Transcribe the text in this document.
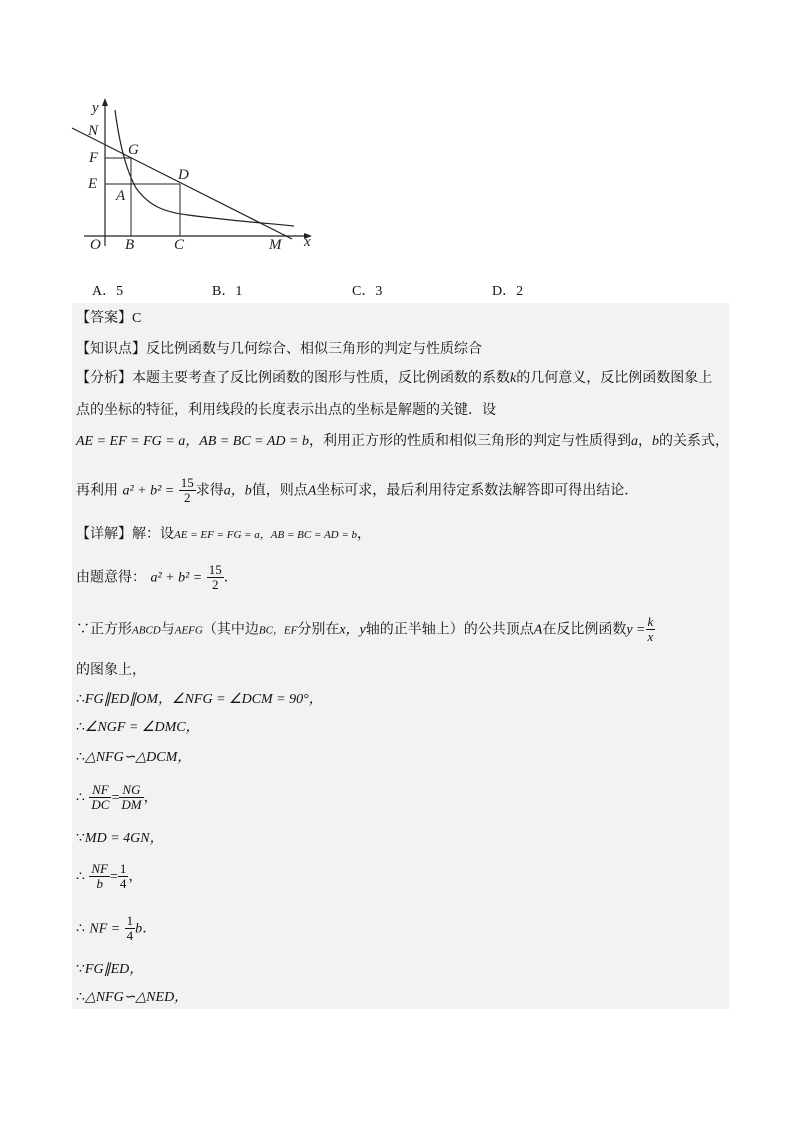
y
N
F G
E
D
A
O B	C	M x
A．5	B．1	C．3	D．2
【答案】C
【知识点】反比例函数与几何综合、相似三角形的判定与性质综合
【分析】本题主要考查了反比例函数的图形与性质，反比例函数的系数k的几何意义，反比例函数图象上
点的坐标的特征，利用线段的长度表示出点的坐标是解题的关键．设
AE = EF = FG = a，AB = BC = AD = b，利用正方形的性质和相似三角形的判定与性质得到a，b的关系式，
再利用 $a^2 + b^2 = \frac{15}{2}$ 求得a，b值，则点A坐标可求，最后利用待定系数法解答即可得出结论．
【详解】解：设AE = EF = FG = a，AB = BC = AD = b，
由题意得： $a^2 + b^2 = \frac{15}{2}$ ．
∵正方形ABCD与AEFG（其中边BC，EF分别在x，y轴的正半轴上）的公共顶点A在反比例函数$y = \frac{k}{x}$
的图象上，
∴FG∥ED∥OM，∠NFG = ∠DCM = 90°，
∴∠NGF = ∠DMC，
∴△NFG∽△DCM，
∴ $\frac{NF}{DC} = \frac{NG}{DM}$ ，
∵MD = 4GN，
∴ $\frac{NF}{b} = \frac{1}{4}$ ，
∴ NF = $\frac{1}{4}$ b．
∵FG∥ED，
∴△NFG∽△NED，
